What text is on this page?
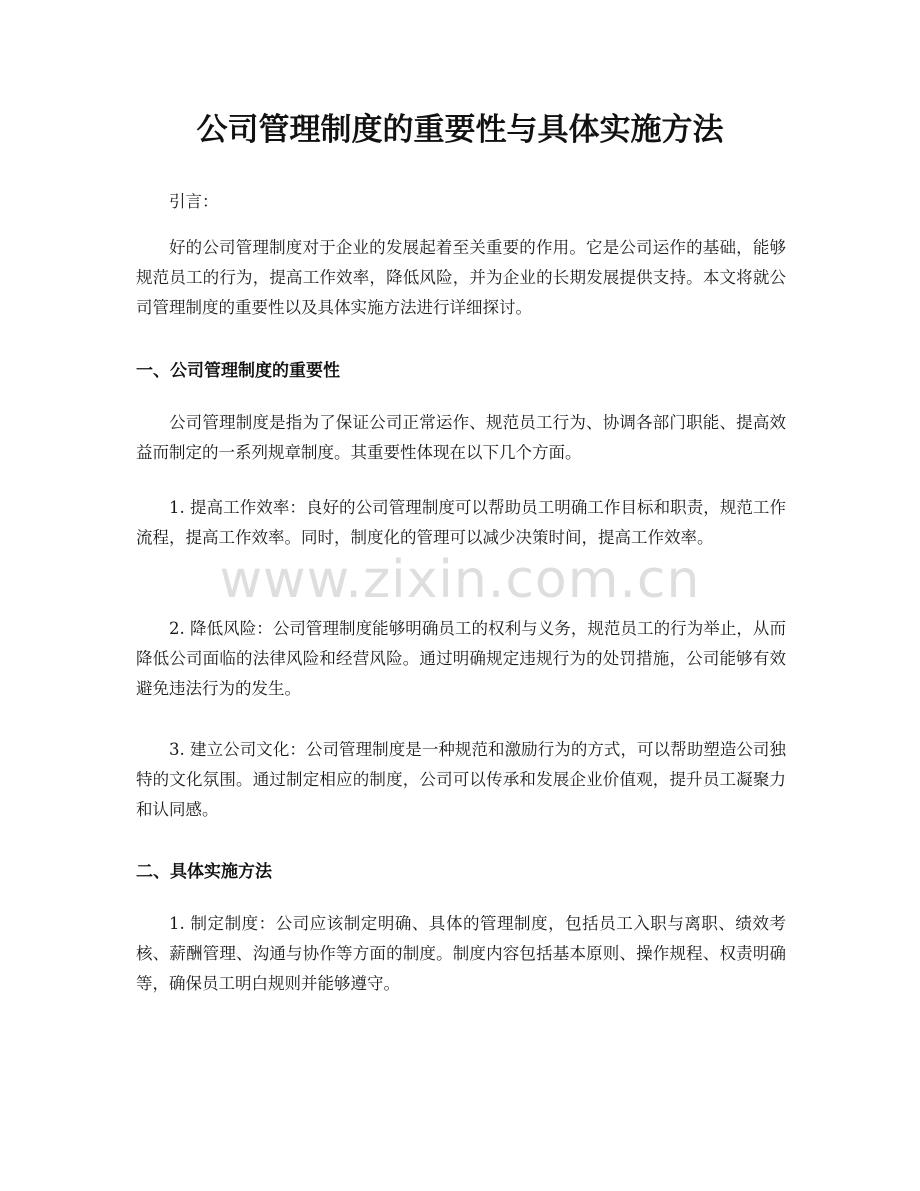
公司管理制度的重要性与具体实施方法

引言：

好的公司管理制度对于企业的发展起着至关重要的作用。它是公司运作的基础，能够规范员工的行为，提高工作效率，降低风险，并为企业的长期发展提供支持。本文将就公司管理制度的重要性以及具体实施方法进行详细探讨。

一、公司管理制度的重要性

公司管理制度是指为了保证公司正常运作、规范员工行为、协调各部门职能、提高效益而制定的一系列规章制度。其重要性体现在以下几个方面。

1. 提高工作效率：良好的公司管理制度可以帮助员工明确工作目标和职责，规范工作流程，提高工作效率。同时，制度化的管理可以减少决策时间，提高工作效率。

2. 降低风险：公司管理制度能够明确员工的权利与义务，规范员工的行为举止，从而降低公司面临的法律风险和经营风险。通过明确规定违规行为的处罚措施，公司能够有效避免违法行为的发生。

3. 建立公司文化：公司管理制度是一种规范和激励行为的方式，可以帮助塑造公司独特的文化氛围。通过制定相应的制度，公司可以传承和发展企业价值观，提升员工凝聚力和认同感。

二、具体实施方法

1. 制定制度：公司应该制定明确、具体的管理制度，包括员工入职与离职、绩效考核、薪酬管理、沟通与协作等方面的制度。制度内容包括基本原则、操作规程、权责明确等，确保员工明白规则并能够遵守。

www.zixin.com.cn
